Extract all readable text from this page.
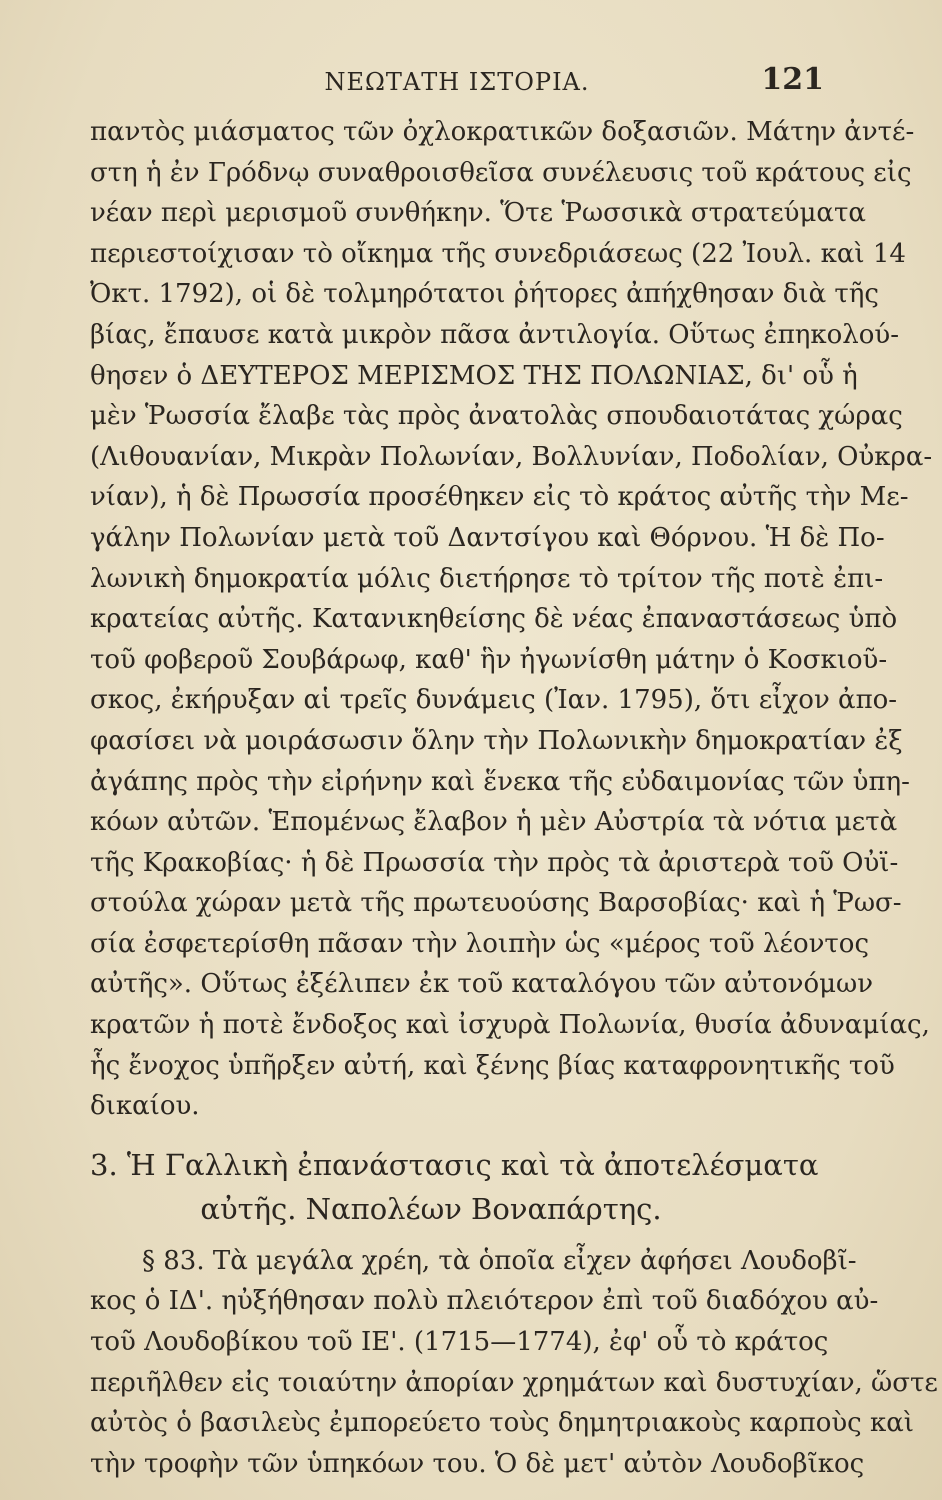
ΝΕΩΤΑΤΗ ΙΣΤΟΡΙΑ.	121
παντὸς μιάσματος τῶν ὀχλοκρατικῶν δοξασιῶν. Μάτην ἀντέ-
στη ἡ ἐν Γρόδνῳ συναθροισθεῖσα συνέλευσις τοῦ κράτους εἰς
νέαν περὶ μερισμοῦ συνθήκην. Ὅτε Ῥωσσικὰ στρατεύματα
περιεστοίχισαν τὸ οἴκημα τῆς συνεδριάσεως (22 Ἰουλ. καὶ 14
Ὀκτ. 1792), οἱ δὲ τολμηρότατοι ῥήτορες ἀπήχθησαν διὰ τῆς
βίας, ἔπαυσε κατὰ μικρὸν πᾶσα ἀντιλογία. Οὕτως ἐπηκολού-
θησεν ὁ ΔΕΥΤΕΡΟΣ ΜΕΡΙΣΜΟΣ ΤΗΣ ΠΟΛΩΝΙΑΣ, δι' οὗ ἡ
μὲν Ῥωσσία ἔλαβε τὰς πρὸς ἀνατολὰς σπουδαιοτάτας χώρας
(Λιθουανίαν, Μικρὰν Πολωνίαν, Βολλυνίαν, Ποδολίαν, Οὐκρα-
νίαν), ἡ δὲ Πρωσσία προσέθηκεν εἰς τὸ κράτος αὐτῆς τὴν Με-
γάλην Πολωνίαν μετὰ τοῦ Δαντσίγου καὶ Θόρνου. Ἡ δὲ Πο-
λωνικὴ δημοκρατία μόλις διετήρησε τὸ τρίτον τῆς ποτὲ ἐπι-
κρατείας αὐτῆς. Κατανικηθείσης δὲ νέας ἐπαναστάσεως ὑπὸ
τοῦ φοβεροῦ Σουβάρωφ, καθ' ἣν ἠγωνίσθη μάτην ὁ Κοσκιοῦ-
σκος, ἐκήρυξαν αἱ τρεῖς δυνάμεις (Ἰαν. 1795), ὅτι εἶχον ἀπο-
φασίσει νὰ μοιράσωσιν ὅλην τὴν Πολωνικὴν δημοκρατίαν ἐξ
ἀγάπης πρὸς τὴν εἰρήνην καὶ ἕνεκα τῆς εὐδαιμονίας τῶν ὑπη-
κόων αὐτῶν. Ἑπομένως ἔλαβον ἡ μὲν Αὐστρία τὰ νότια μετὰ
τῆς Κρακοβίας· ἡ δὲ Πρωσσία τὴν πρὸς τὰ ἀριστερὰ τοῦ Οὐϊ-
στούλα χώραν μετὰ τῆς πρωτευούσης Βαρσοβίας· καὶ ἡ Ῥωσ-
σία ἐσφετερίσθη πᾶσαν τὴν λοιπὴν ὡς «μέρος τοῦ λέοντος
αὐτῆς». Οὕτως ἐξέλιπεν ἐκ τοῦ καταλόγου τῶν αὐτονόμων
κρατῶν ἡ ποτὲ ἔνδοξος καὶ ἰσχυρὰ Πολωνία, θυσία ἀδυναμίας,
ἧς ἔνοχος ὑπῆρξεν αὐτή, καὶ ξένης βίας καταφρονητικῆς τοῦ
δικαίου.
3. Ἡ Γαλλικὴ ἐπανάστασις καὶ τὰ ἀποτελέσματα
αὐτῆς. Ναπολέων Βοναπάρτης.
§ 83. Τὰ μεγάλα χρέη, τὰ ὁποῖα εἶχεν ἀφήσει Λουδοβῖ-
κος ὁ ΙΔ'. ηὐξήθησαν πολὺ πλειότερον ἐπὶ τοῦ διαδόχου αὐ-
τοῦ Λουδοβίκου τοῦ ΙΕ'. (1715—1774), ἐφ' οὗ τὸ κράτος
περιῆλθεν εἰς τοιαύτην ἀπορίαν χρημάτων καὶ δυστυχίαν, ὥστε
αὐτὸς ὁ βασιλεὺς ἐμπορεύετο τοὺς δημητριακοὺς καρποὺς καὶ
τὴν τροφὴν τῶν ὑπηκόων του. Ὁ δὲ μετ' αὐτὸν Λουδοβῖκος
